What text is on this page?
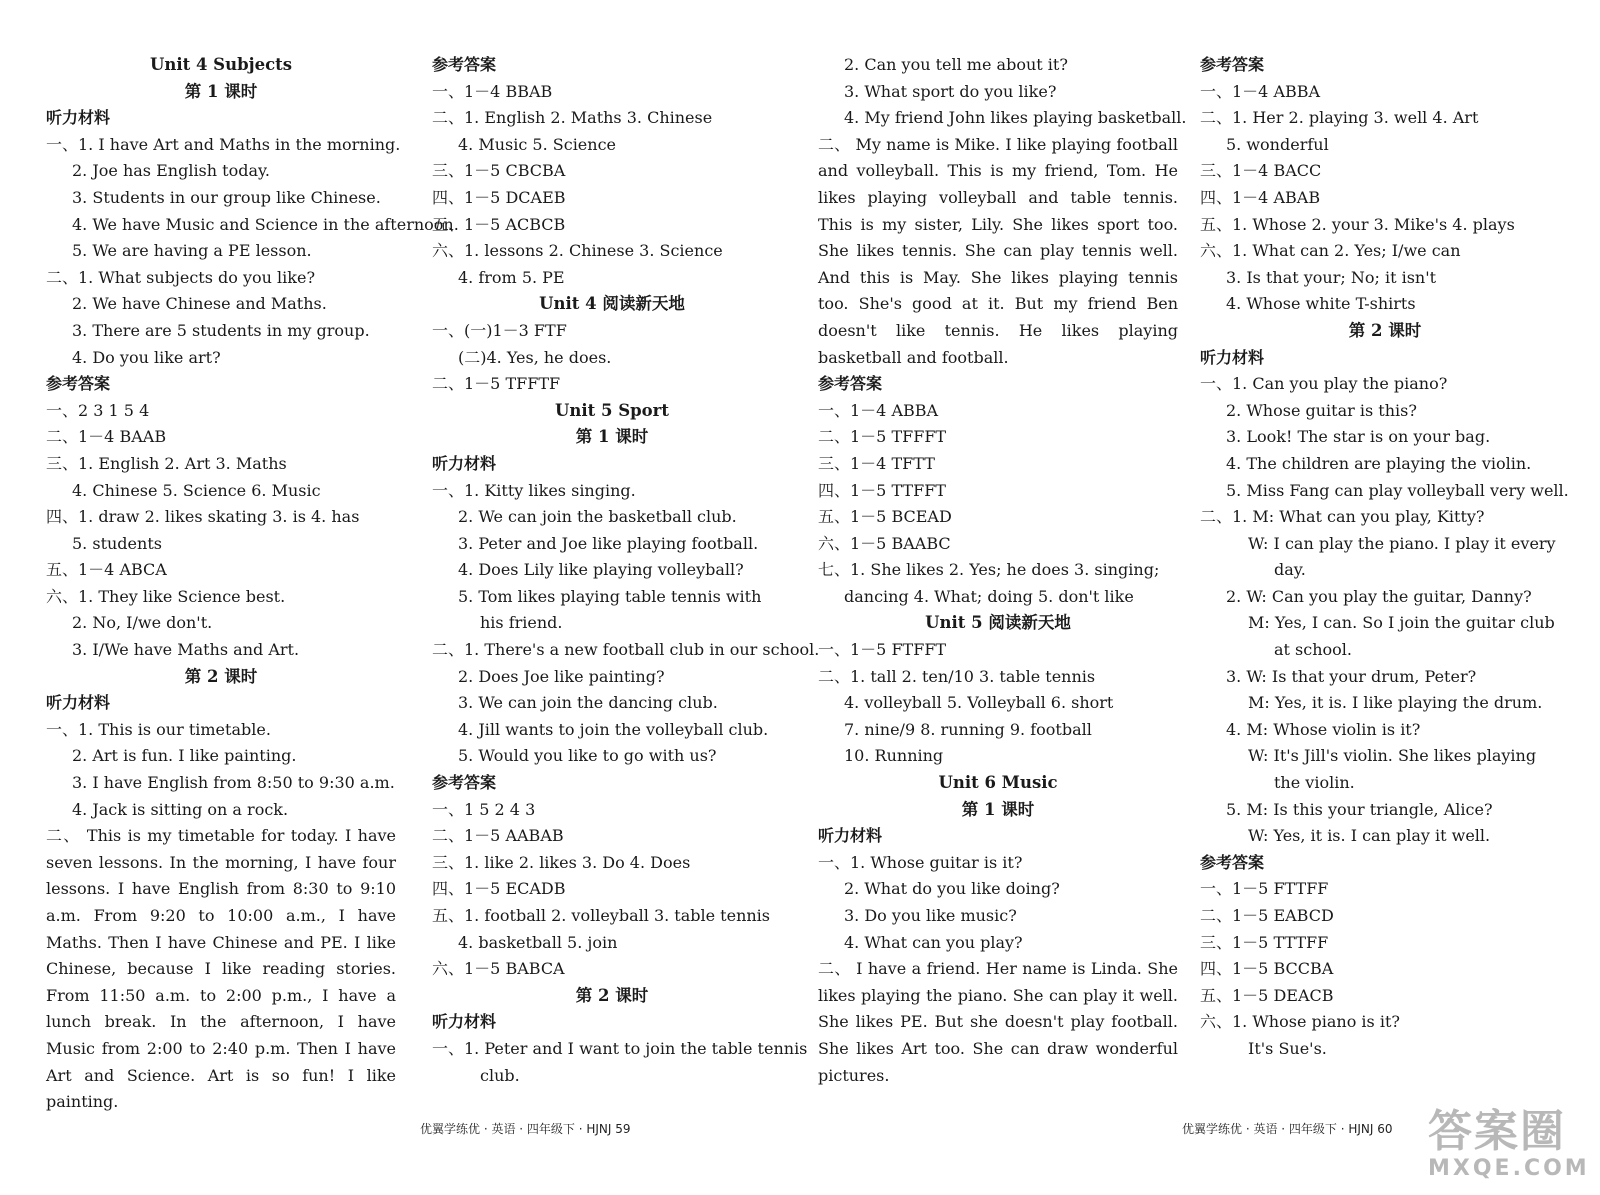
Unit 4 Subjects
第 1 课时
听力材料
一、1. I have Art and Maths in the morning.
2. Joe has English today.
3. Students in our group like Chinese.
4. We have Music and Science in the afternoon.
5. We are having a PE lesson.
二、1. What subjects do you like?
2. We have Chinese and Maths.
3. There are 5 students in my group.
4. Do you like art?
参考答案
一、2 3 1 5 4
二、1－4 BAAB
三、1. English 2. Art 3. Maths
4. Chinese 5. Science 6. Music
四、1. draw 2. likes skating 3. is 4. has
5. students
五、1－4 ABCA
六、1. They like Science best.
2. No, I/we don't.
3. I/We have Maths and Art.
第 2 课时
听力材料
一、1. This is our timetable.
2. Art is fun. I like painting.
3. I have English from 8:50 to 9:30 a.m.
4. Jack is sitting on a rock.
二、 This is my timetable for today. I have seven lessons. In the morning, I have four lessons. I have English from 8:30 to 9:10 a.m. From 9:20 to 10:00 a.m., I have Maths. Then I have Chinese and PE. I like Chinese, because I like reading stories. From 11:50 a.m. to 2:00 p.m., I have a lunch break. In the afternoon, I have Music from 2:00 to 2:40 p.m. Then I have Art and Science. Art is so fun! I like painting.
参考答案
一、1－4 BBAB
二、1. English 2. Maths 3. Chinese
4. Music 5. Science
三、1－5 CBCBA
四、1－5 DCAEB
五、1－5 ACBCB
六、1. lessons 2. Chinese 3. Science
4. from 5. PE
Unit 4 阅读新天地
一、(一)1－3 FTF
(二)4. Yes, he does.
二、1－5 TFFTF
Unit 5 Sport
第 1 课时
听力材料
一、1. Kitty likes singing.
2. We can join the basketball club.
3. Peter and Joe like playing football.
4. Does Lily like playing volleyball?
5. Tom likes playing table tennis with
his friend.
二、1. There's a new football club in our school.
2. Does Joe like painting?
3. We can join the dancing club.
4. Jill wants to join the volleyball club.
5. Would you like to go with us?
参考答案
一、1 5 2 4 3
二、1－5 AABAB
三、1. like 2. likes 3. Do 4. Does
四、1－5 ECADB
五、1. football 2. volleyball 3. table tennis
4. basketball 5. join
六、1－5 BABCA
第 2 课时
听力材料
一、1. Peter and I want to join the table tennis
club.
2. Can you tell me about it?
3. What sport do you like?
4. My friend John likes playing basketball.
二、 My name is Mike. I like playing football and volleyball. This is my friend, Tom. He likes playing volleyball and table tennis. This is my sister, Lily. She likes sport too. She likes tennis. She can play tennis well. And this is May. She likes playing tennis too. She's good at it. But my friend Ben doesn't like tennis. He likes playing basketball and football.
参考答案
一、1－4 ABBA
二、1－5 TFFFT
三、1－4 TFTT
四、1－5 TTFFT
五、1－5 BCEAD
六、1－5 BAABC
七、1. She likes 2. Yes; he does 3. singing;
dancing 4. What; doing 5. don't like
Unit 5 阅读新天地
一、1－5 FTFFT
二、1. tall 2. ten/10 3. table tennis
4. volleyball 5. Volleyball 6. short
7. nine/9 8. running 9. football
10. Running
Unit 6 Music
第 1 课时
听力材料
一、1. Whose guitar is it?
2. What do you like doing?
3. Do you like music?
4. What can you play?
二、 I have a friend. Her name is Linda. She likes playing the piano. She can play it well. She likes PE. But she doesn't play football. She likes Art too. She can draw wonderful pictures.
参考答案
一、1－4 ABBA
二、1. Her 2. playing 3. well 4. Art
5. wonderful
三、1－4 BACC
四、1－4 ABAB
五、1. Whose 2. your 3. Mike's 4. plays
六、1. What can 2. Yes; I/we can
3. Is that your; No; it isn't
4. Whose white T-shirts
第 2 课时
听力材料
一、1. Can you play the piano?
2. Whose guitar is this?
3. Look! The star is on your bag.
4. The children are playing the violin.
5. Miss Fang can play volleyball very well.
二、1. M: What can you play, Kitty?
W: I can play the piano. I play it every
day.
2. W: Can you play the guitar, Danny?
M: Yes, I can. So I join the guitar club
at school.
3. W: Is that your drum, Peter?
M: Yes, it is. I like playing the drum.
4. M: Whose violin is it?
W: It's Jill's violin. She likes playing
the violin.
5. M: Is this your triangle, Alice?
W: Yes, it is. I can play it well.
参考答案
一、1－5 FTTFF
二、1－5 EABCD
三、1－5 TTTFF
四、1－5 BCCBA
五、1－5 DEACB
六、1. Whose piano is it?
It's Sue's.
优翼学练优 · 英语 · 四年级下 · HJNJ 59	优翼学练优 · 英语 · 四年级下 · HJNJ 60 答案圈
MXQE.COM
